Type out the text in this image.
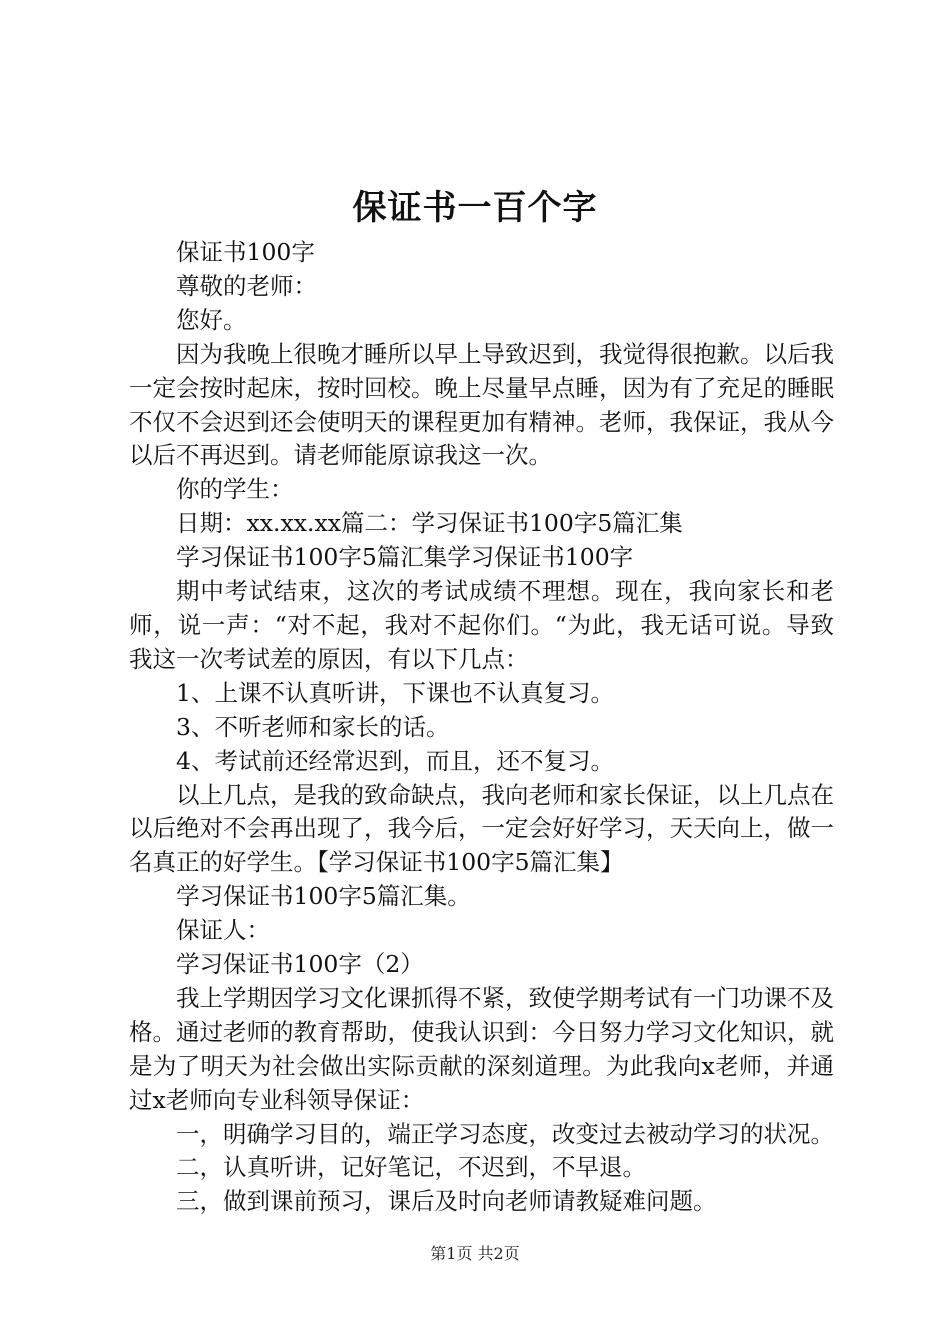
保证书一百个字

保证书100字

尊敬的老师：

您好。

因为我晚上很晚才睡所以早上导致迟到，我觉得很抱歉。以后我一定会按时起床，按时回校。晚上尽量早点睡，因为有了充足的睡眠不仅不会迟到还会使明天的课程更加有精神。老师，我保证，我从今以后不再迟到。请老师能原谅我这一次。

你的学生：

日期：xx.xx.xx篇二：学习保证书100字5篇汇集

学习保证书100字5篇汇集学习保证书100字

期中考试结束，这次的考试成绩不理想。现在，我向家长和老师，说一声：“对不起，我对不起你们。“为此，我无话可说。导致我这一次考试差的原因，有以下几点：

1、上课不认真听讲，下课也不认真复习。

3、不听老师和家长的话。

4、考试前还经常迟到，而且，还不复习。

以上几点，是我的致命缺点，我向老师和家长保证，以上几点在以后绝对不会再出现了，我今后，一定会好好学习，天天向上，做一名真正的好学生。【学习保证书100字5篇汇集】

学习保证书100字5篇汇集。

保证人：

学习保证书100字（2）

我上学期因学习文化课抓得不紧，致使学期考试有一门功课不及格。通过老师的教育帮助，使我认识到：今日努力学习文化知识，就是为了明天为社会做出实际贡献的深刻道理。为此我向x老师，并通过x老师向专业科领导保证：

一，明确学习目的，端正学习态度，改变过去被动学习的状况。

二，认真听讲，记好笔记，不迟到，不早退。

三，做到课前预习，课后及时向老师请教疑难问题。

第1页 共2页
